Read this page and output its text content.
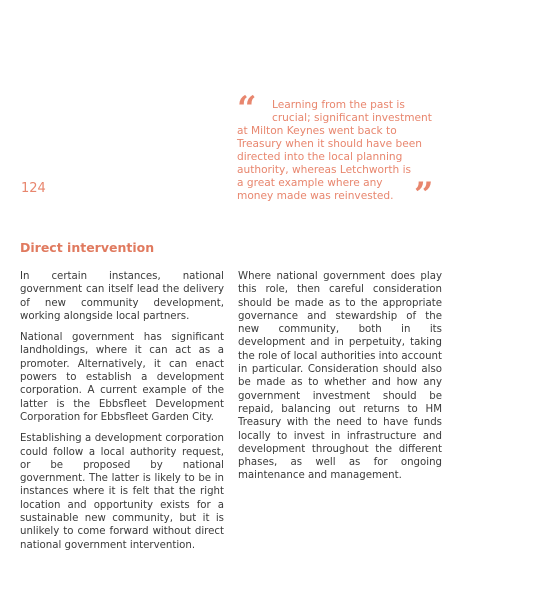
“ Learning from the past is
crucial; significant investment
at Milton Keynes went back to
Treasury when it should have been
directed into the local planning
authority, whereas Letchworth is
a great example where any
money made was reinvested. ”
124
Direct intervention

In certain instances, national government can itself lead the delivery of new community development, working alongside local partners.

National government has significant landholdings, where it can act as a promoter. Alternatively, it can enact powers to establish a development corporation. A current example of the latter is the Ebbsfleet Development Corporation for Ebbsfleet Garden City.

Establishing a development corporation could follow a local authority request, or be proposed by national government. The latter is likely to be in instances where it is felt that the right location and opportunity exists for a sustainable new community, but it is unlikely to come forward without direct national government intervention.

Where national government does play this role, then careful consideration should be made as to the appropriate governance and stewardship of the new community, both in its development and in perpetuity, taking the role of local authorities into account in particular. Consideration should also be made as to whether and how any government investment should be repaid, balancing out returns to HM Treasury with the need to have funds locally to invest in infrastructure and development throughout the different phases, as well as for ongoing maintenance and management.
